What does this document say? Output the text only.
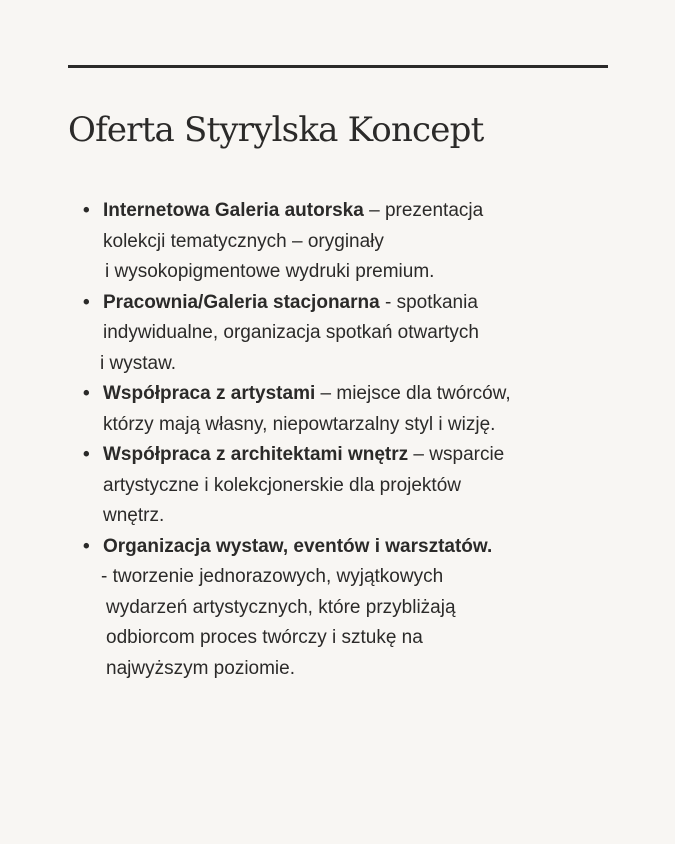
Oferta Styrylska Koncept
• Internetowa Galeria autorska – prezentacja
kolekcji tematycznych – oryginały
i wysokopigmentowe wydruki premium.
• Pracownia/Galeria stacjonarna - spotkania
indywidualne, organizacja spotkań otwartych
i wystaw.
• Współpraca z artystami – miejsce dla twórców,
którzy mają własny, niepowtarzalny styl i wizję.
• Współpraca z architektami wnętrz – wsparcie
artystyczne i kolekcjonerskie dla projektów
wnętrz.
• Organizacja wystaw, eventów i warsztatów.
- tworzenie jednorazowych, wyjątkowych
wydarzeń artystycznych, które przybliżają
odbiorcom proces twórczy i sztukę na
najwyższym poziomie.
